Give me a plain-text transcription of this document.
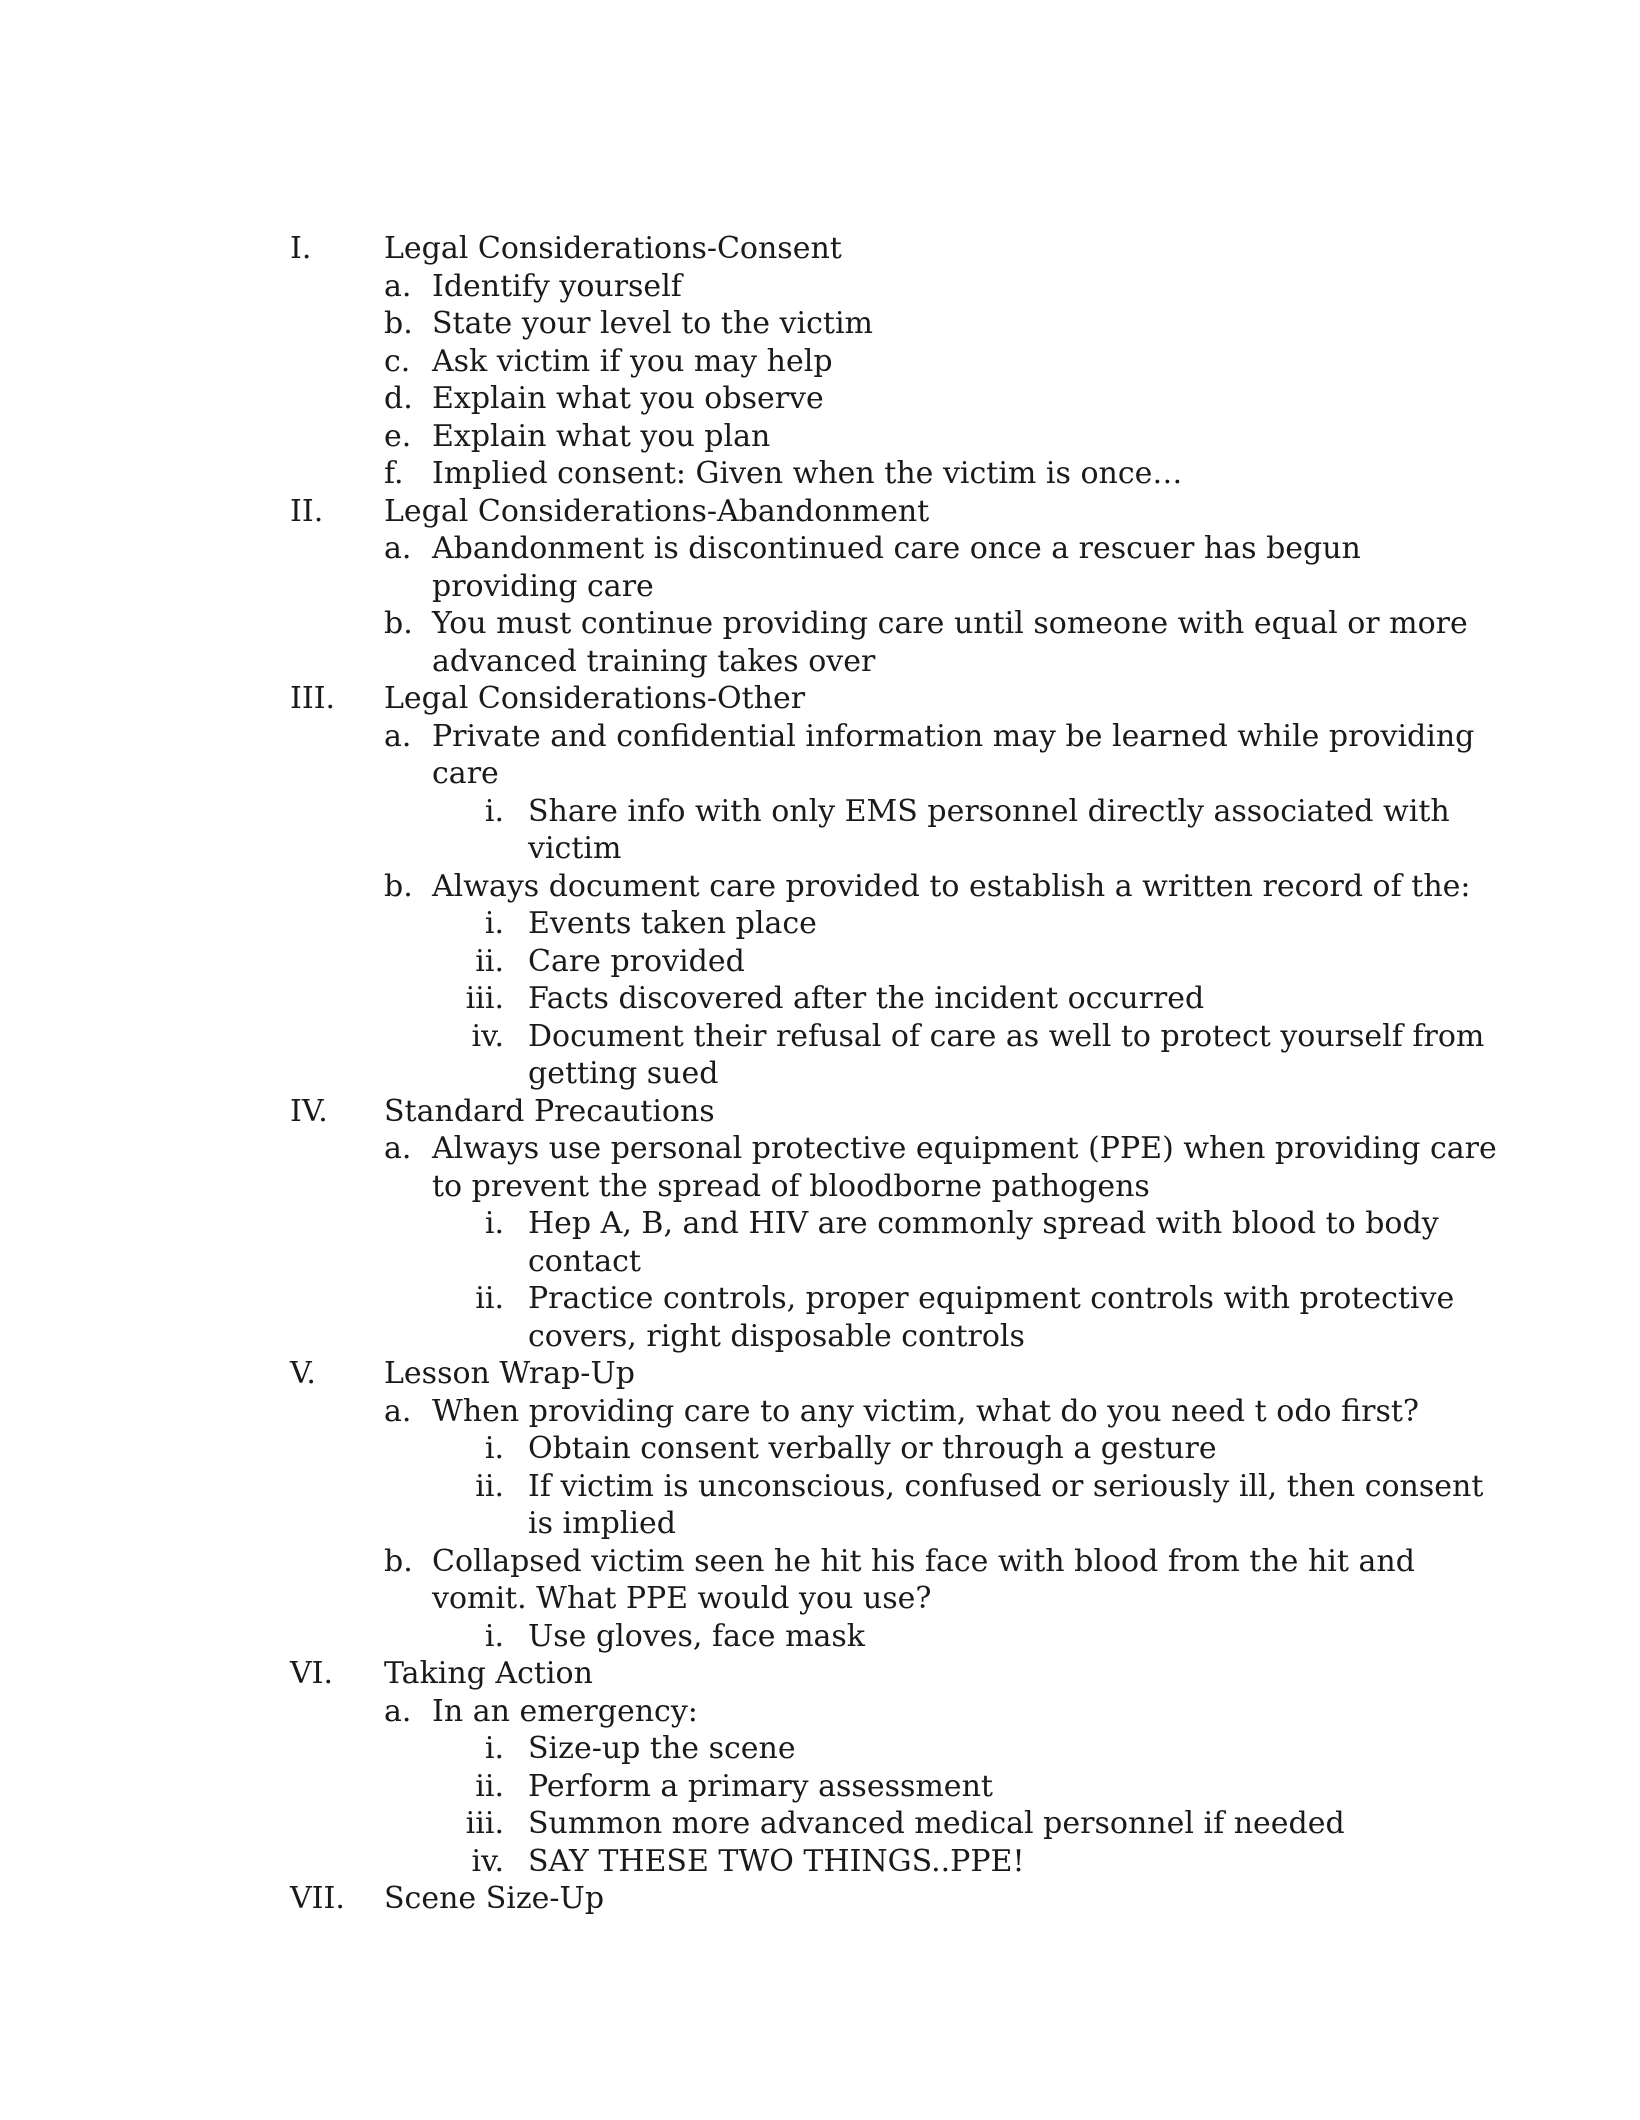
I. Legal Considerations-Consent
a. Identify yourself
b. State your level to the victim
c. Ask victim if you may help
d. Explain what you observe
e. Explain what you plan
f. Implied consent: Given when the victim is once…
II. Legal Considerations-Abandonment
a. Abandonment is discontinued care once a rescuer has begun
providing care
b. You must continue providing care until someone with equal or more
advanced training takes over
III. Legal Considerations-Other
a. Private and confidential information may be learned while providing
care
i. Share info with only EMS personnel directly associated with
victim
b. Always document care provided to establish a written record of the:
i. Events taken place
ii. Care provided
iii. Facts discovered after the incident occurred
iv. Document their refusal of care as well to protect yourself from
getting sued
IV. Standard Precautions
a. Always use personal protective equipment (PPE) when providing care
to prevent the spread of bloodborne pathogens
i. Hep A, B, and HIV are commonly spread with blood to body
contact
ii. Practice controls, proper equipment controls with protective
covers, right disposable controls
V. Lesson Wrap-Up
a. When providing care to any victim, what do you need t odo first?
i. Obtain consent verbally or through a gesture
ii. If victim is unconscious, confused or seriously ill, then consent
is implied
b. Collapsed victim seen he hit his face with blood from the hit and
vomit. What PPE would you use?
i. Use gloves, face mask
VI. Taking Action
a. In an emergency:
i. Size-up the scene
ii. Perform a primary assessment
iii. Summon more advanced medical personnel if needed
iv. SAY THESE TWO THINGS..PPE!
VII. Scene Size-Up
